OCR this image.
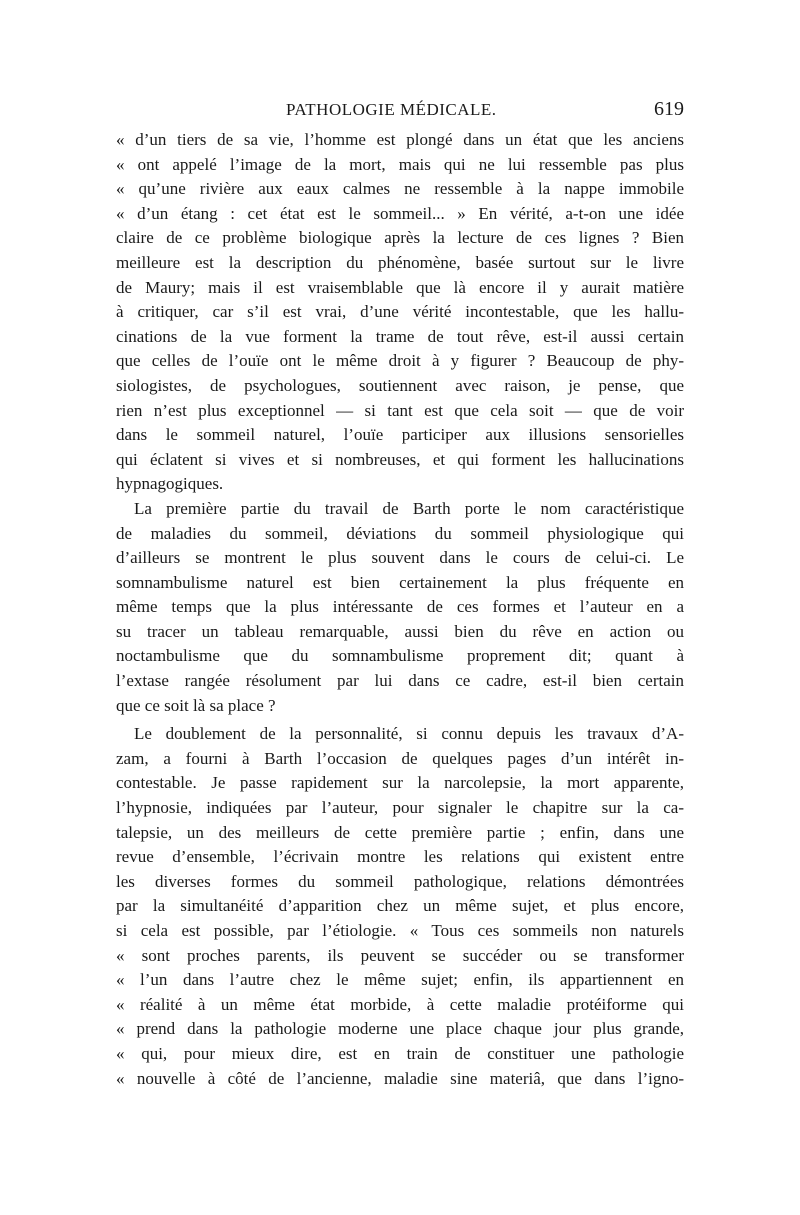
PATHOLOGIE MÉDICALE.	619
« d’un tiers de sa vie, l’homme est plongé dans un état que les anciens
« ont appelé l’image de la mort, mais qui ne lui ressemble pas plus
« qu’une rivière aux eaux calmes ne ressemble à la nappe immobile
« d’un étang : cet état est le sommeil... » En vérité, a-t-on une idée
claire de ce problème biologique après la lecture de ces lignes ? Bien
meilleure est la description du phénomène, basée surtout sur le livre
de Maury; mais il est vraisemblable que là encore il y aurait matière
à critiquer, car s’il est vrai, d’une vérité incontestable, que les hallu-
cinations de la vue forment la trame de tout rêve, est-il aussi certain
que celles de l’ouïe ont le même droit à y figurer ? Beaucoup de phy-
siologistes, de psychologues, soutiennent avec raison, je pense, que
rien n’est plus exceptionnel — si tant est que cela soit — que de voir
dans le sommeil naturel, l’ouïe participer aux illusions sensorielles
qui éclatent si vives et si nombreuses, et qui forment les hallucinations
hypnagogiques.
La première partie du travail de Barth porte le nom caractéristique
de maladies du sommeil, déviations du sommeil physiologique qui
d’ailleurs se montrent le plus souvent dans le cours de celui-ci. Le
somnambulisme naturel est bien certainement la plus fréquente en
même temps que la plus intéressante de ces formes et l’auteur en a
su tracer un tableau remarquable, aussi bien du rêve en action ou
noctambulisme que du somnambulisme proprement dit; quant à
l’extase rangée résolument par lui dans ce cadre, est-il bien certain
que ce soit là sa place ?
Le doublement de la personnalité, si connu depuis les travaux d’A-
zam, a fourni à Barth l’occasion de quelques pages d’un intérêt in-
contestable. Je passe rapidement sur la narcolepsie, la mort apparente,
l’hypnosie, indiquées par l’auteur, pour signaler le chapitre sur la ca-
talepsie, un des meilleurs de cette première partie ; enfin, dans une
revue d’ensemble, l’écrivain montre les relations qui existent entre
les diverses formes du sommeil pathologique, relations démontrées
par la simultanéité d’apparition chez un même sujet, et plus encore,
si cela est possible, par l’étiologie. « Tous ces sommeils non naturels
« sont proches parents, ils peuvent se succéder ou se transformer
« l’un dans l’autre chez le même sujet; enfin, ils appartiennent en
« réalité à un même état morbide, à cette maladie protéiforme qui
« prend dans la pathologie moderne une place chaque jour plus grande,
« qui, pour mieux dire, est en train de constituer une pathologie
« nouvelle à côté de l’ancienne, maladie sine materiâ, que dans l’igno-
